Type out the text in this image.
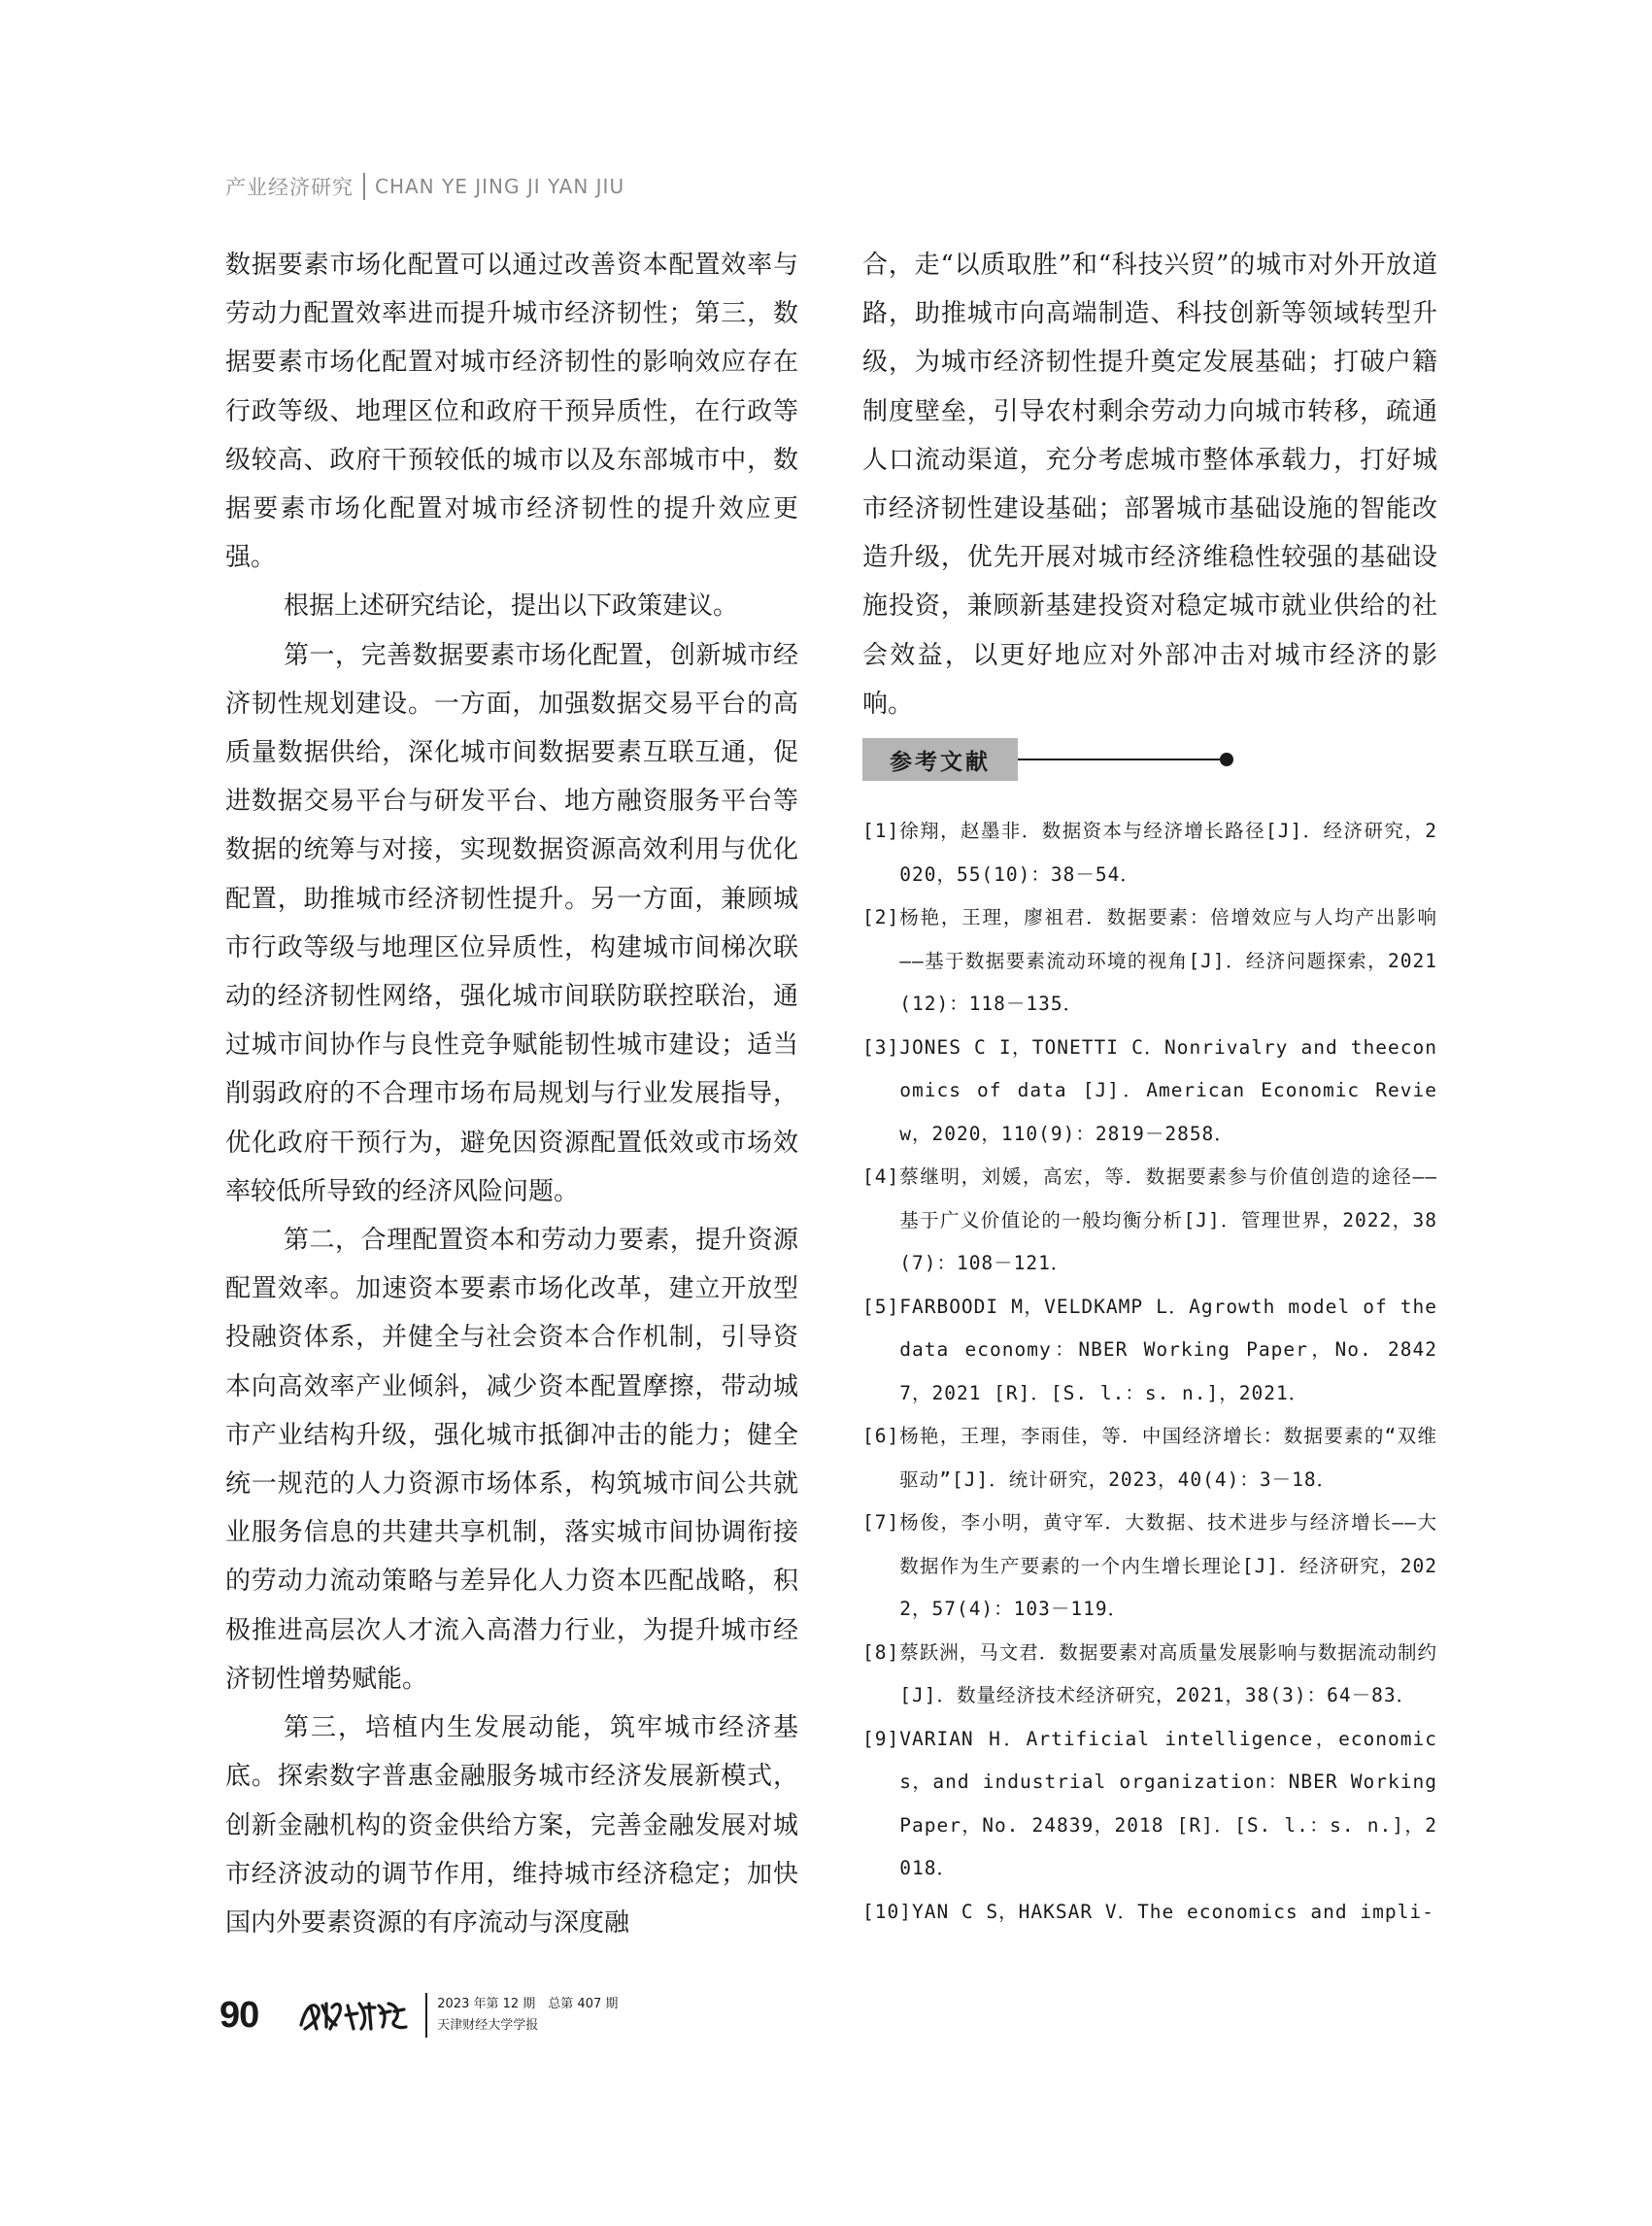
产业经济研究 CHAN YE JING JI YAN JIU

数据要素市场化配置可以通过改善资本配置效率与劳动力配置效率进而提升城市经济韧性；第三，数据要素市场化配置对城市经济韧性的影响效应存在行政等级、地理区位和政府干预异质性，在行政等级较高、政府干预较低的城市以及东部城市中，数据要素市场化配置对城市经济韧性的提升效应更强。

根据上述研究结论，提出以下政策建议。

第一，完善数据要素市场化配置，创新城市经济韧性规划建设。一方面，加强数据交易平台的高质量数据供给，深化城市间数据要素互联互通，促进数据交易平台与研发平台、地方融资服务平台等数据的统筹与对接，实现数据资源高效利用与优化配置，助推城市经济韧性提升。另一方面，兼顾城市行政等级与地理区位异质性，构建城市间梯次联动的经济韧性网络，强化城市间联防联控联治，通过城市间协作与良性竞争赋能韧性城市建设；适当削弱政府的不合理市场布局规划与行业发展指导，优化政府干预行为，避免因资源配置低效或市场效率较低所导致的经济风险问题。

第二，合理配置资本和劳动力要素，提升资源配置效率。加速资本要素市场化改革，建立开放型投融资体系，并健全与社会资本合作机制，引导资本向高效率产业倾斜，减少资本配置摩擦，带动城市产业结构升级，强化城市抵御冲击的能力；健全统一规范的人力资源市场体系，构筑城市间公共就业服务信息的共建共享机制，落实城市间协调衔接的劳动力流动策略与差异化人力资本匹配战略，积极推进高层次人才流入高潜力行业，为提升城市经济韧性增势赋能。

第三，培植内生发展动能，筑牢城市经济基底。探索数字普惠金融服务城市经济发展新模式，创新金融机构的资金供给方案，完善金融发展对城市经济波动的调节作用，维持城市经济稳定；加快国内外要素资源的有序流动与深度融

合，走“以质取胜”和“科技兴贸”的城市对外开放道路，助推城市向高端制造、科技创新等领域转型升级，为城市经济韧性提升奠定发展基础；打破户籍制度壁垒，引导农村剩余劳动力向城市转移，疏通人口流动渠道，充分考虑城市整体承载力，打好城市经济韧性建设基础；部署城市基础设施的智能改造升级，优先开展对城市经济维稳性较强的基础设施投资，兼顾新基建投资对稳定城市就业供给的社会效益，以更好地应对外部冲击对城市经济的影响。

参考文献
[1] 徐翔，赵墨非．数据资本与经济增长路径[J]．经济研究，2020，55(10)：38－54．
[2] 杨艳，王理，廖祖君．数据要素：倍增效应与人均产出影响——基于数据要素流动环境的视角[J]．经济问题探索，2021(12)：118－135．
[3] JONES C I，TONETTI C．Nonrivalry and theeconomics of data [J]．American Economic Review，2020，110(9)：2819－2858．
[4] 蔡继明，刘媛，高宏，等．数据要素参与价值创造的途径——基于广义价值论的一般均衡分析[J]．管理世界，2022，38(7)：108－121．
[5] FARBOODI M，VELDKAMP L．Agrowth model of the data economy：NBER Working Paper，No. 28427，2021 [R]．[S. l.：s. n.]，2021．
[6] 杨艳，王理，李雨佳，等．中国经济增长：数据要素的“双维驱动”[J]．统计研究，2023，40(4)：3－18．
[7] 杨俊，李小明，黄守军．大数据、技术进步与经济增长——大数据作为生产要素的一个内生增长理论[J]．经济研究，2022，57(4)：103－119．
[8] 蔡跃洲，马文君．数据要素对高质量发展影响与数据流动制约[J]．数量经济技术经济研究，2021，38(3)：64－83．
[9] VARIAN H．Artificial intelligence，economics，and industrial organization：NBER Working Paper，No. 24839，2018 [R]．[S. l.：s. n.]，2018．
[10] YAN C S，HAKSAR V．The economics and impli-
90	2023 年第 12 期　总第 407 期
天津财经大学学报
